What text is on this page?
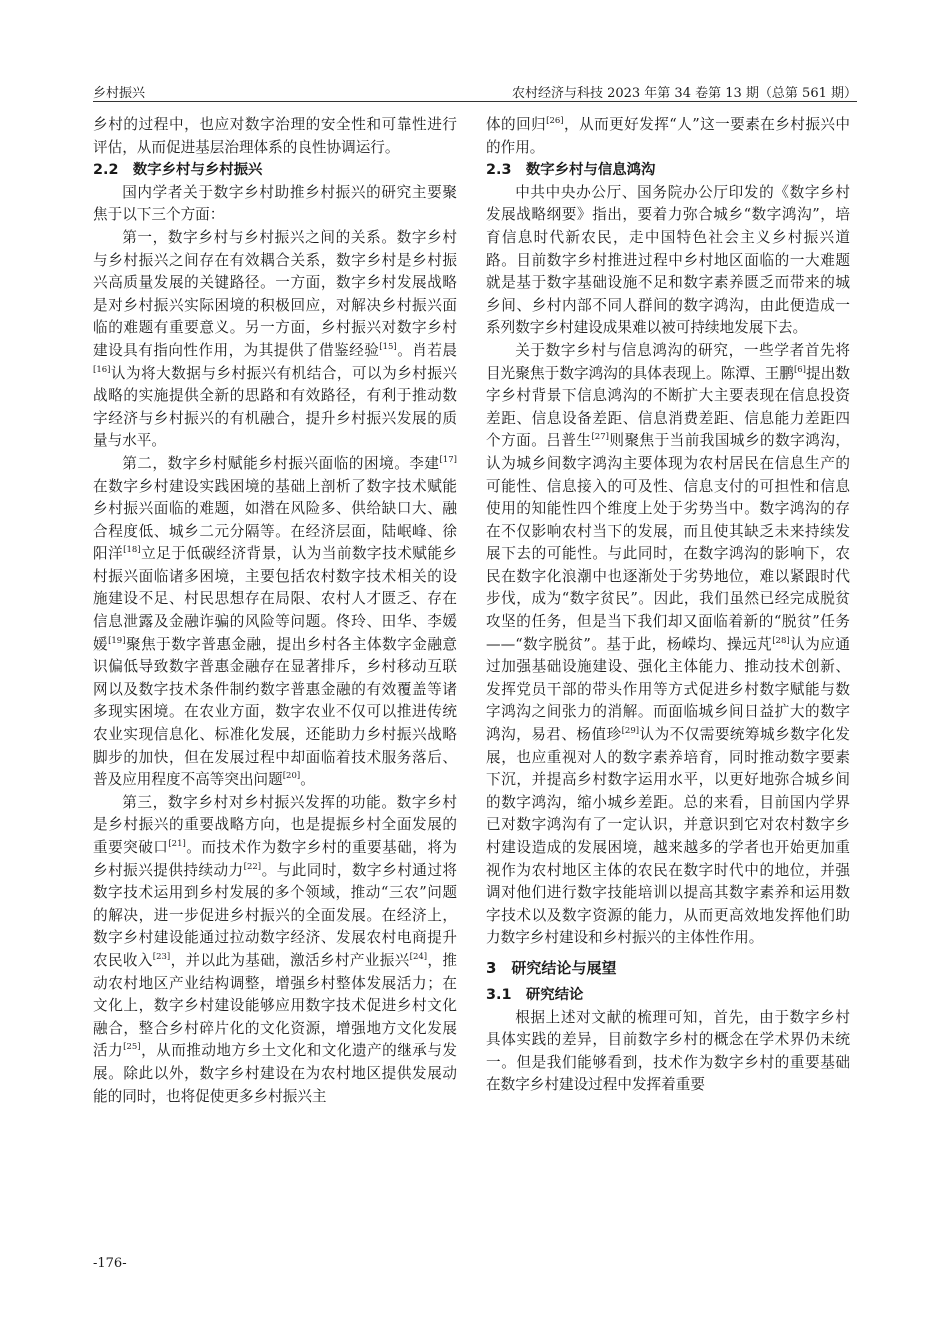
乡村振兴	农村经济与科技 2023 年第 34 卷第 13 期（总第 561 期）

乡村的过程中，也应对数字治理的安全性和可靠性进行评估，从而促进基层治理体系的良性协调运行。

2.2　数字乡村与乡村振兴

国内学者关于数字乡村助推乡村振兴的研究主要聚焦于以下三个方面：

第一，数字乡村与乡村振兴之间的关系。数字乡村与乡村振兴之间存在有效耦合关系，数字乡村是乡村振兴高质量发展的关键路径。一方面，数字乡村发展战略是对乡村振兴实际困境的积极回应，对解决乡村振兴面临的难题有重要意义。另一方面，乡村振兴对数字乡村建设具有指向性作用，为其提供了借鉴经验[15]。肖若晨[16]认为将大数据与乡村振兴有机结合，可以为乡村振兴战略的实施提供全新的思路和有效路径，有利于推动数字经济与乡村振兴的有机融合，提升乡村振兴发展的质量与水平。

第二，数字乡村赋能乡村振兴面临的困境。李建[17]在数字乡村建设实践困境的基础上剖析了数字技术赋能乡村振兴面临的难题，如潜在风险多、供给缺口大、融合程度低、城乡二元分隔等。在经济层面，陆岷峰、徐阳洋[18]立足于低碳经济背景，认为当前数字技术赋能乡村振兴面临诸多困境，主要包括农村数字技术相关的设施建设不足、村民思想存在局限、农村人才匮乏、存在信息泄露及金融诈骗的风险等问题。佟玲、田华、李媛媛[19]聚焦于数字普惠金融，提出乡村各主体数字金融意识偏低导致数字普惠金融存在显著排斥，乡村移动互联网以及数字技术条件制约数字普惠金融的有效覆盖等诸多现实困境。在农业方面，数字农业不仅可以推进传统农业实现信息化、标准化发展，还能助力乡村振兴战略脚步的加快，但在发展过程中却面临着技术服务落后、普及应用程度不高等突出问题[20]。

第三，数字乡村对乡村振兴发挥的功能。数字乡村是乡村振兴的重要战略方向，也是提振乡村全面发展的重要突破口[21]。而技术作为数字乡村的重要基础，将为乡村振兴提供持续动力[22]。与此同时，数字乡村通过将数字技术运用到乡村发展的多个领域，推动“三农”问题的解决，进一步促进乡村振兴的全面发展。在经济上，数字乡村建设能通过拉动数字经济、发展农村电商提升农民收入[23]，并以此为基础，激活乡村产业振兴[24]，推动农村地区产业结构调整，增强乡村整体发展活力；在文化上，数字乡村建设能够应用数字技术促进乡村文化融合，整合乡村碎片化的文化资源，增强地方文化发展活力[25]，从而推动地方乡土文化和文化遗产的继承与发展。除此以外，数字乡村建设在为农村地区提供发展动能的同时，也将促使更多乡村振兴主

体的回归[26]，从而更好发挥“人”这一要素在乡村振兴中的作用。

2.3　数字乡村与信息鸿沟

中共中央办公厅、国务院办公厅印发的《数字乡村发展战略纲要》指出，要着力弥合城乡“数字鸿沟”，培育信息时代新农民，走中国特色社会主义乡村振兴道路。目前数字乡村推进过程中乡村地区面临的一大难题就是基于数字基础设施不足和数字素养匮乏而带来的城乡间、乡村内部不同人群间的数字鸿沟，由此便造成一系列数字乡村建设成果难以被可持续地发展下去。

关于数字乡村与信息鸿沟的研究，一些学者首先将目光聚焦于数字鸿沟的具体表现上。陈潭、王鹏[6]提出数字乡村背景下信息鸿沟的不断扩大主要表现在信息投资差距、信息设备差距、信息消费差距、信息能力差距四个方面。吕普生[27]则聚焦于当前我国城乡的数字鸿沟，认为城乡间数字鸿沟主要体现为农村居民在信息生产的可能性、信息接入的可及性、信息支付的可担性和信息使用的知能性四个维度上处于劣势当中。数字鸿沟的存在不仅影响农村当下的发展，而且使其缺乏未来持续发展下去的可能性。与此同时，在数字鸿沟的影响下，农民在数字化浪潮中也逐渐处于劣势地位，难以紧跟时代步伐，成为“数字贫民”。因此，我们虽然已经完成脱贫攻坚的任务，但是当下我们却又面临着新的“脱贫”任务——“数字脱贫”。基于此，杨嵘均、操远芃[28]认为应通过加强基础设施建设、强化主体能力、推动技术创新、发挥党员干部的带头作用等方式促进乡村数字赋能与数字鸿沟之间张力的消解。而面临城乡间日益扩大的数字鸿沟，易君、杨值珍[29]认为不仅需要统筹城乡数字化发展，也应重视对人的数字素养培育，同时推动数字要素下沉，并提高乡村数字运用水平，以更好地弥合城乡间的数字鸿沟，缩小城乡差距。总的来看，目前国内学界已对数字鸿沟有了一定认识，并意识到它对农村数字乡村建设造成的发展困境，越来越多的学者也开始更加重视作为农村地区主体的农民在数字时代中的地位，并强调对他们进行数字技能培训以提高其数字素养和运用数字技术以及数字资源的能力，从而更高效地发挥他们助力数字乡村建设和乡村振兴的主体性作用。

3　研究结论与展望
3.1　研究结论

根据上述对文献的梳理可知，首先，由于数字乡村具体实践的差异，目前数字乡村的概念在学术界仍未统一。但是我们能够看到，技术作为数字乡村的重要基础在数字乡村建设过程中发挥着重要

-176-
